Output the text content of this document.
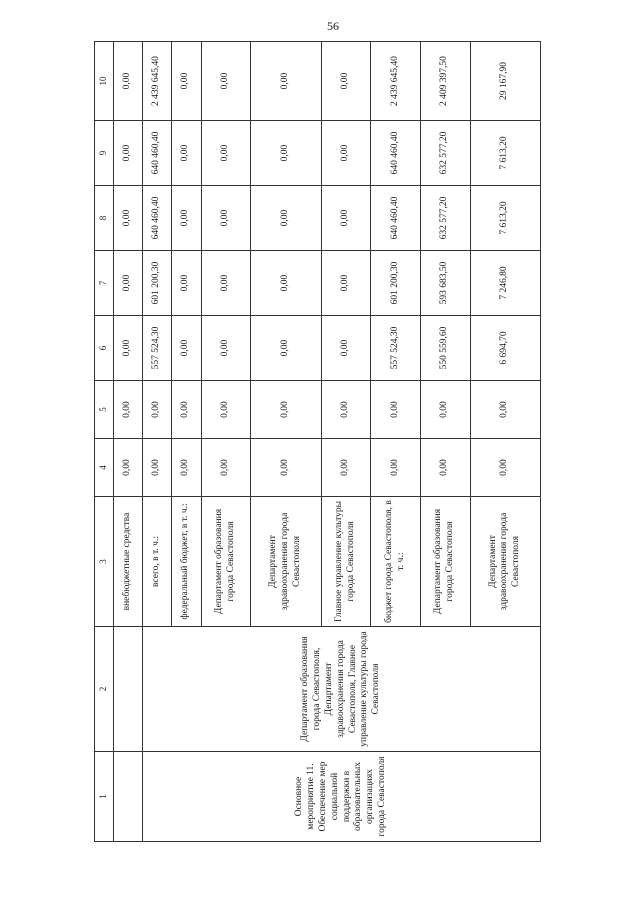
56
1	2	3	4	5	6	7	8	9	10
		внебюджетные средства	0,00	0,00	0,00	0,00	0,00	0,00	0,00
Основное мероприятие 11. Обеспечение мер социальной поддержки в образовательных организациях города Севастополя	Департамент образования города Севастополя, Департамент здравоохранения города Севастополя, Главное управление культуры города Севастополя	всего, в т. ч.:	0,00	0,00	557 524,30	601 200,30	640 460,40	640 460,40	2 439 645,40
		федеральный бюджет, в т. ч.:	0,00	0,00	0,00	0,00	0,00	0,00	0,00
		Департамент образования города Севастополя	0,00	0,00	0,00	0,00	0,00	0,00	0,00
		Департамент здравоохранения города Севастополя	0,00	0,00	0,00	0,00	0,00	0,00	0,00
		Главное управление культуры города Севастополя	0,00	0,00	0,00	0,00	0,00	0,00	0,00
		бюджет города Севастополя, в т. ч.:	0,00	0,00	557 524,30	601 200,30	640 460,40	640 460,40	2 439 645,40
		Департамент образования города Севастополя	0,00	0,00	550 559,60	593 683,50	632 577,20	632 577,20	2 409 397,50
		Департамент здравоохранения города Севастополя	0,00	0,00	6 694,70	7 246,80	7 613,20	7 613,20	29 167,90
